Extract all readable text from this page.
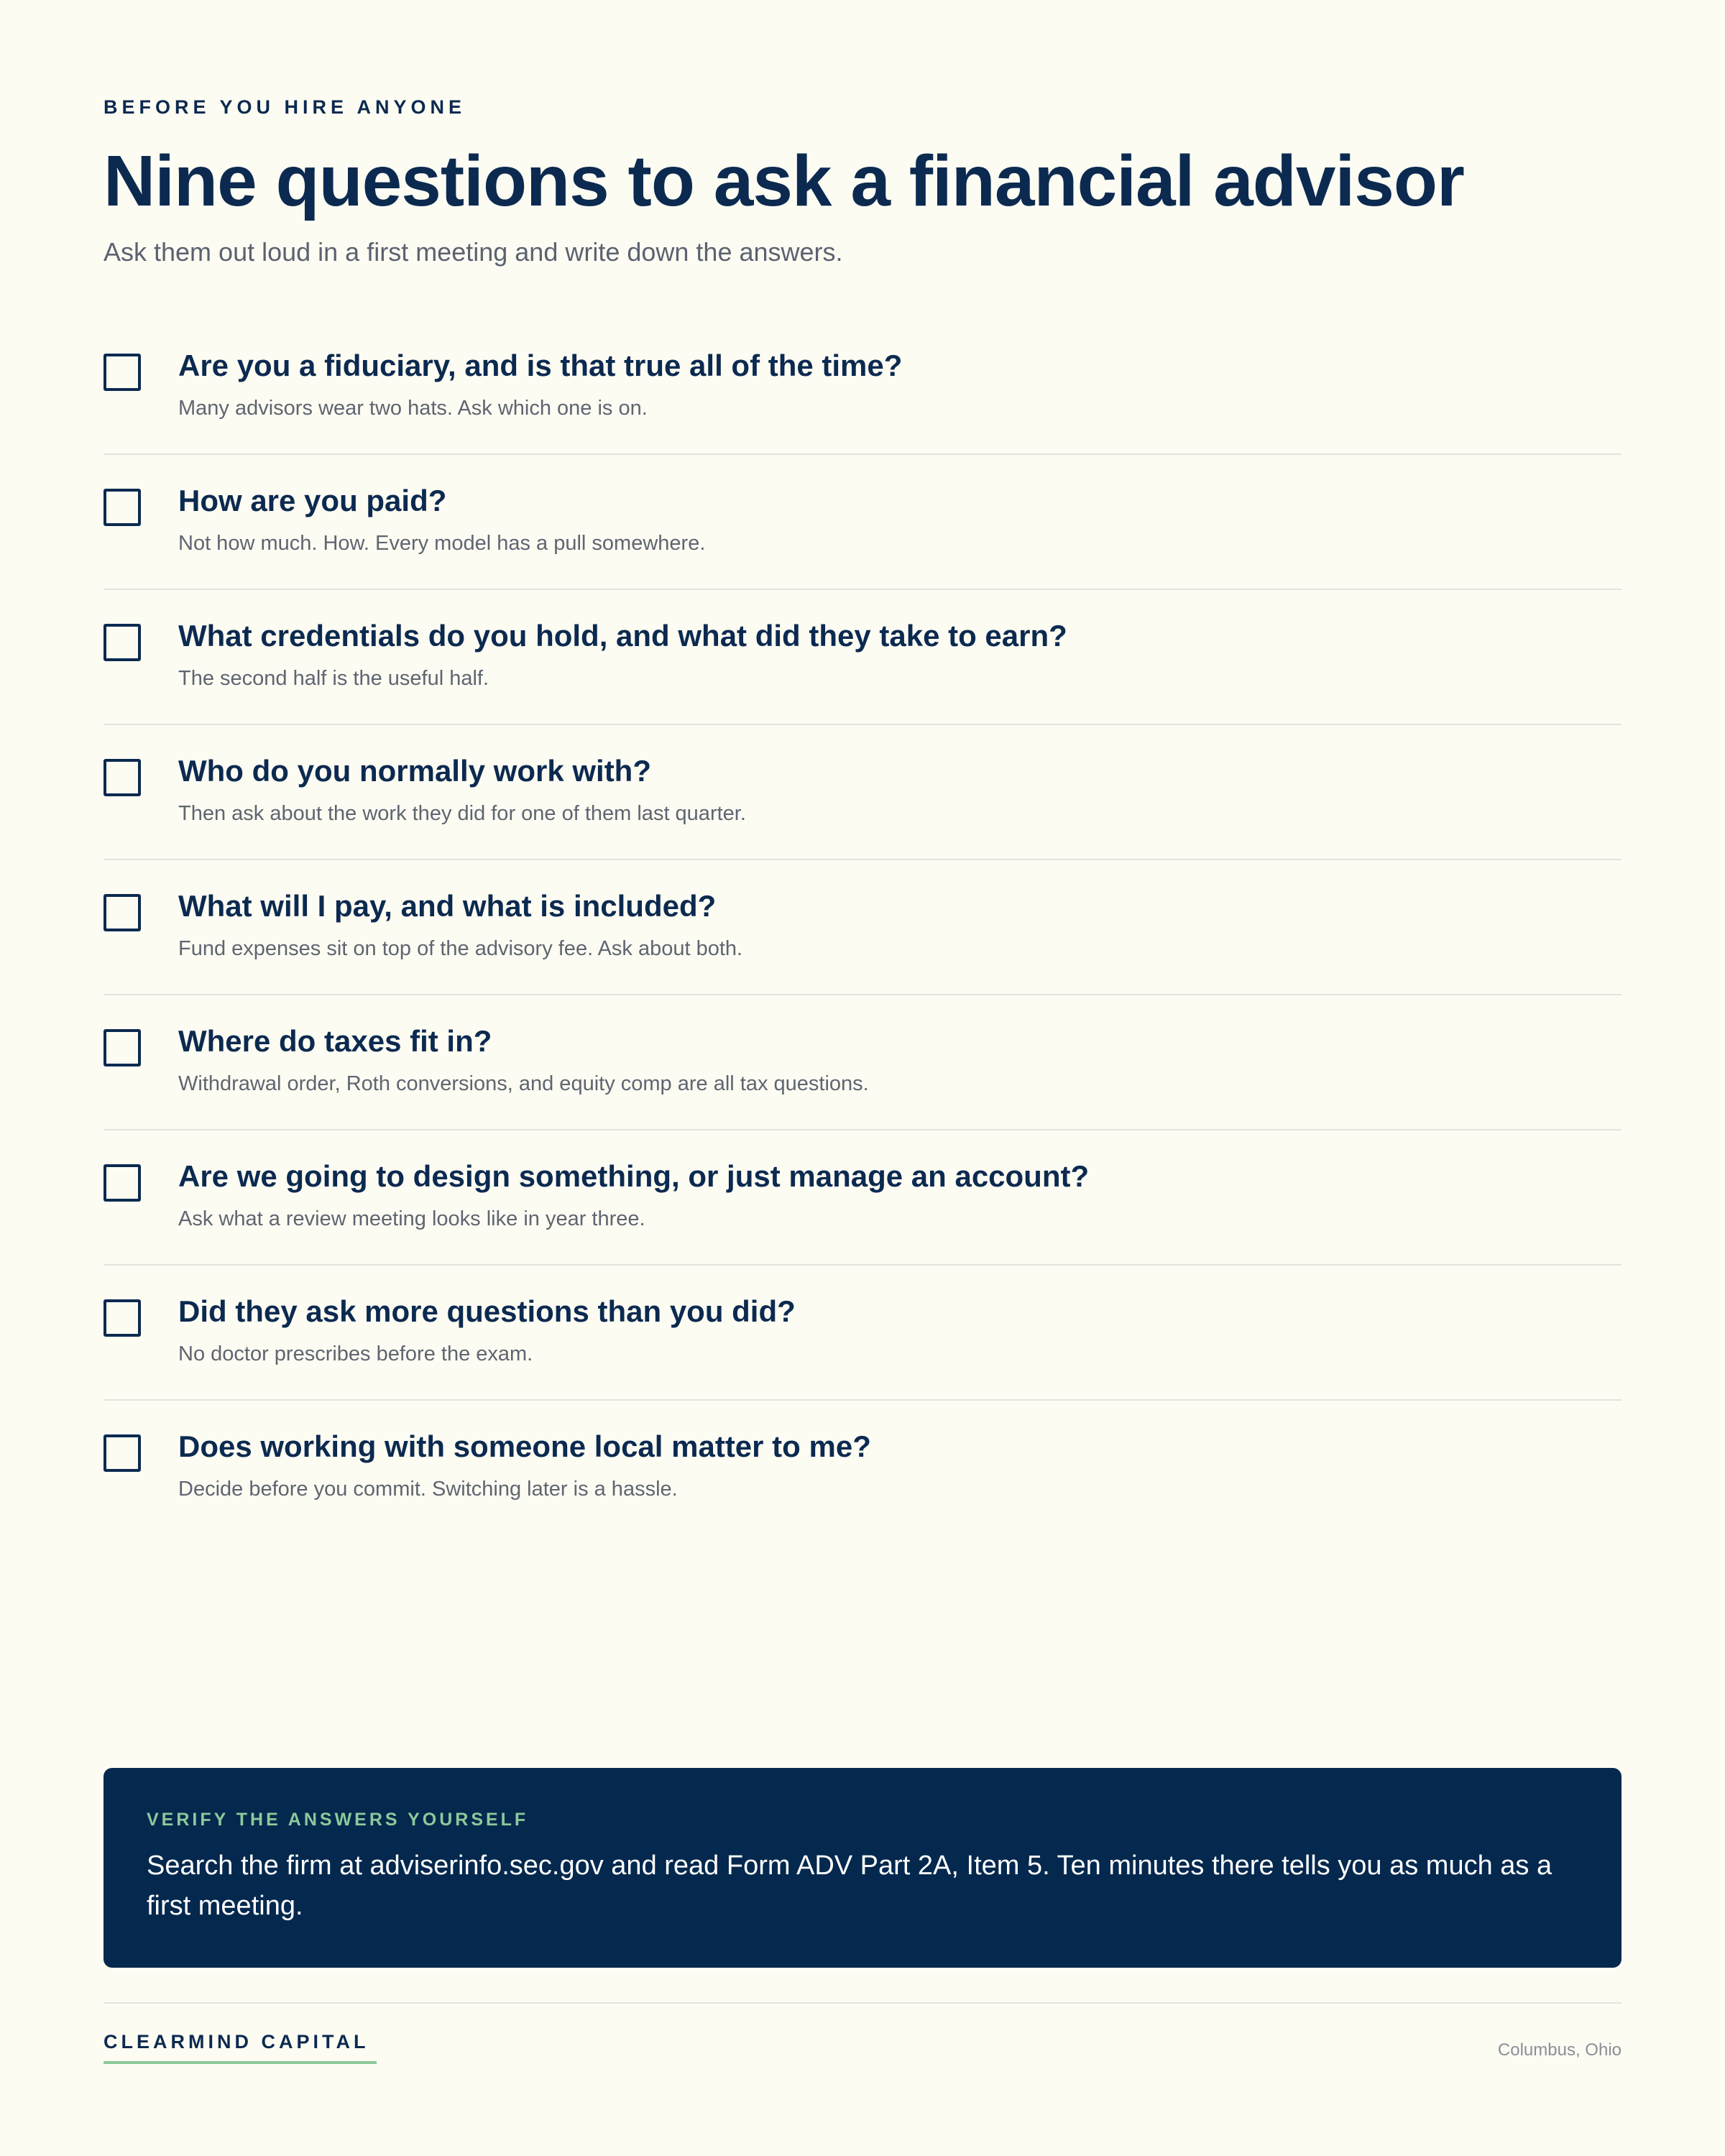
BEFORE YOU HIRE ANYONE
Nine questions to ask a financial advisor
Ask them out loud in a first meeting and write down the answers.
Are you a fiduciary, and is that true all of the time?
Many advisors wear two hats. Ask which one is on.
How are you paid?
Not how much. How. Every model has a pull somewhere.
What credentials do you hold, and what did they take to earn?
The second half is the useful half.
Who do you normally work with?
Then ask about the work they did for one of them last quarter.
What will I pay, and what is included?
Fund expenses sit on top of the advisory fee. Ask about both.
Where do taxes fit in?
Withdrawal order, Roth conversions, and equity comp are all tax questions.
Are we going to design something, or just manage an account?
Ask what a review meeting looks like in year three.
Did they ask more questions than you did?
No doctor prescribes before the exam.
Does working with someone local matter to me?
Decide before you commit. Switching later is a hassle.
VERIFY THE ANSWERS YOURSELF
Search the firm at adviserinfo.sec.gov and read Form ADV Part 2A, Item 5. Ten minutes there tells you as much as a first meeting.
CLEARMIND CAPITAL	Columbus, Ohio
